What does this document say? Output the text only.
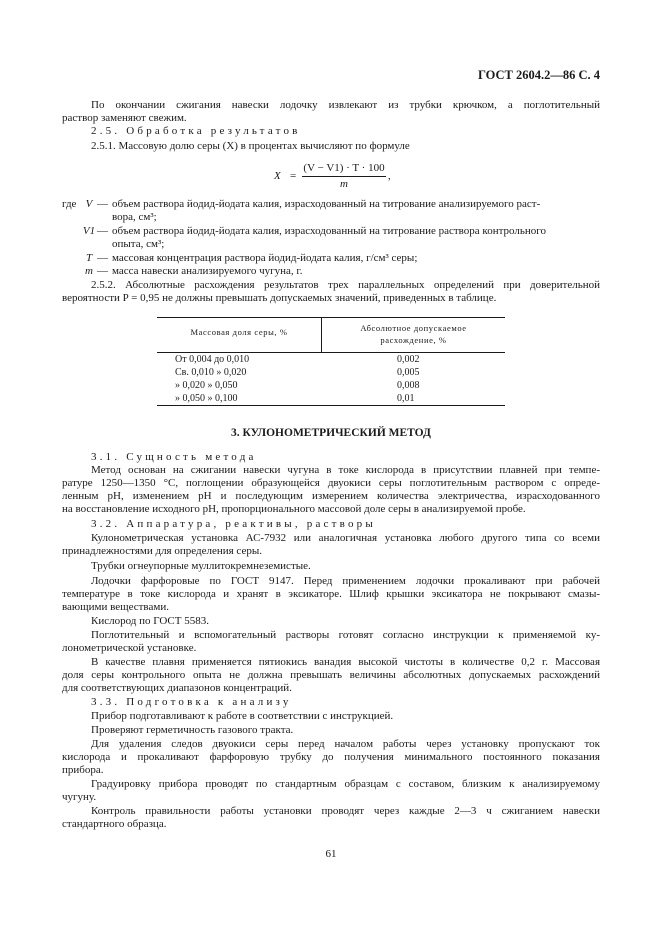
ГОСТ 2604.2—86 С. 4
По окончании сжигания навески лодочку извлекают из трубки крючком, а поглотительный
раствор заменяют свежим.
2.5. Обработка результатов
2.5.1. Массовую долю серы (X) в процентах вычисляют по формуле
X =
(V − V1) · T · 100
m
,
где V — объем раствора йодид-йодата калия, израсходованный на титрование анализируемого раст-
вора, см³;
V1 — объем раствора йодид-йодата калия, израсходованный на титрование раствора контрольного
опыта, см³;
T — массовая концентрация раствора йодид-йодата калия, г/см³ серы;
m — масса навески анализируемого чугуна, г.
2.5.2. Абсолютные расхождения результатов трех параллельных определений при доверительной
вероятности P = 0,95 не должны превышать допускаемых значений, приведенных в таблице.
Массовая доля серы, %	Абсолютное допускаемое
расхождение, %
От 0,004 до 0,010	0,002
Св. 0,010 » 0,020	0,005
» 0,020 » 0,050	0,008
» 0,050 » 0,100	0,01
3. КУЛОНОМЕТРИЧЕСКИЙ МЕТОД
3.1. Сущность метода
Метод основан на сжигании навески чугуна в токе кислорода в присутствии плавней при темпе-
ратуре 1250—1350 °С, поглощении образующейся двуокиси серы поглотительным раствором с опреде-
ленным pH, изменением pH и последующим измерением количества электричества, израсходованного
на восстановление исходного pH, пропорционального массовой доле серы в анализируемой пробе.
3.2. Аппаратура, реактивы, растворы
Кулонометрическая установка АС-7932 или аналогичная установка любого другого типа со всеми
принадлежностями для определения серы.
Трубки огнеупорные муллитокремнеземистые.
Лодочки фарфоровые по ГОСТ 9147. Перед применением лодочки прокаливают при рабочей
температуре в токе кислорода и хранят в эксикаторе. Шлиф крышки эксикатора не покрывают смазы-
вающими веществами.
Кислород по ГОСТ 5583.
Поглотительный и вспомогательный растворы готовят согласно инструкции к применяемой ку-
лонометрической установке.
В качестве плавня применяется пятиокись ванадия высокой чистоты в количестве 0,2 г. Массовая
доля серы контрольного опыта не должна превышать величины абсолютных допускаемых расхождений
для соответствующих диапазонов концентраций.
3.3. Подготовка к анализу
Прибор подготавливают к работе в соответствии с инструкцией.
Проверяют герметичность газового тракта.
Для удаления следов двуокиси серы перед началом работы через установку пропускают ток
кислорода и прокаливают фарфоровую трубку до получения минимального постоянного показания
прибора.
Градуировку прибора проводят по стандартным образцам с составом, близким к анализируемому
чугуну.
Контроль правильности работы установки проводят через каждые 2—3 ч сжиганием навески
стандартного образца.
61
